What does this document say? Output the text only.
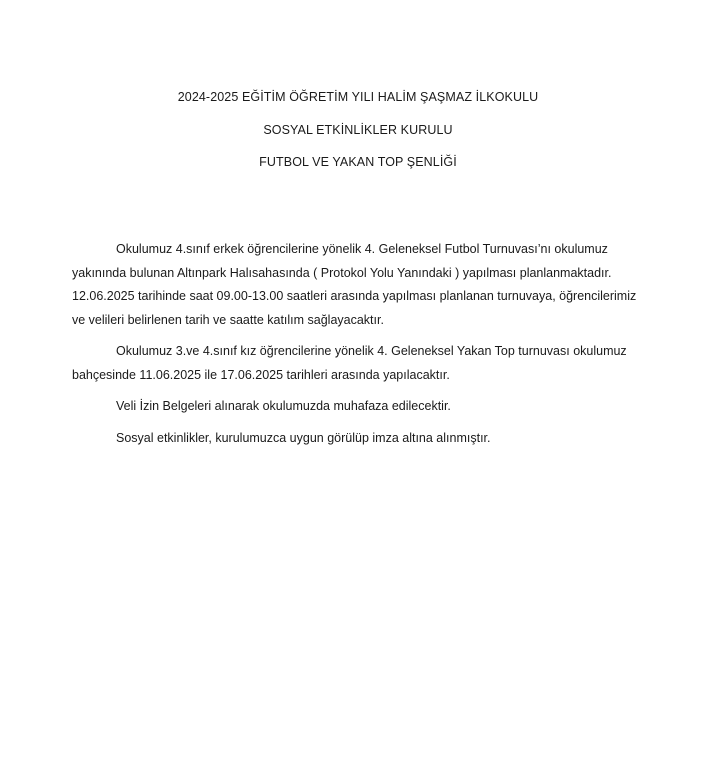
2024-2025 EĞİTİM ÖĞRETİM YILI HALİM ŞAŞMAZ İLKOKULU
SOSYAL ETKİNLİKLER KURULU
FUTBOL VE YAKAN TOP ŞENLİĞİ
Okulumuz 4.sınıf erkek öğrencilerine yönelik 4. Geleneksel Futbol Turnuvası’nı okulumuz
yakınında bulunan Altınpark Halısahasında ( Protokol Yolu Yanındaki ) yapılması planlanmaktadır.
12.06.2025 tarihinde saat 09.00-13.00 saatleri arasında yapılması planlanan turnuvaya, öğrencilerimiz
ve velileri belirlenen tarih ve saatte katılım sağlayacaktır.
Okulumuz 3.ve 4.sınıf kız öğrencilerine yönelik 4. Geleneksel Yakan Top turnuvası okulumuz
bahçesinde 11.06.2025 ile 17.06.2025 tarihleri arasında yapılacaktır.
Veli İzin Belgeleri alınarak okulumuzda muhafaza edilecektir.
Sosyal etkinlikler, kurulumuzca uygun görülüp imza altına alınmıştır.
